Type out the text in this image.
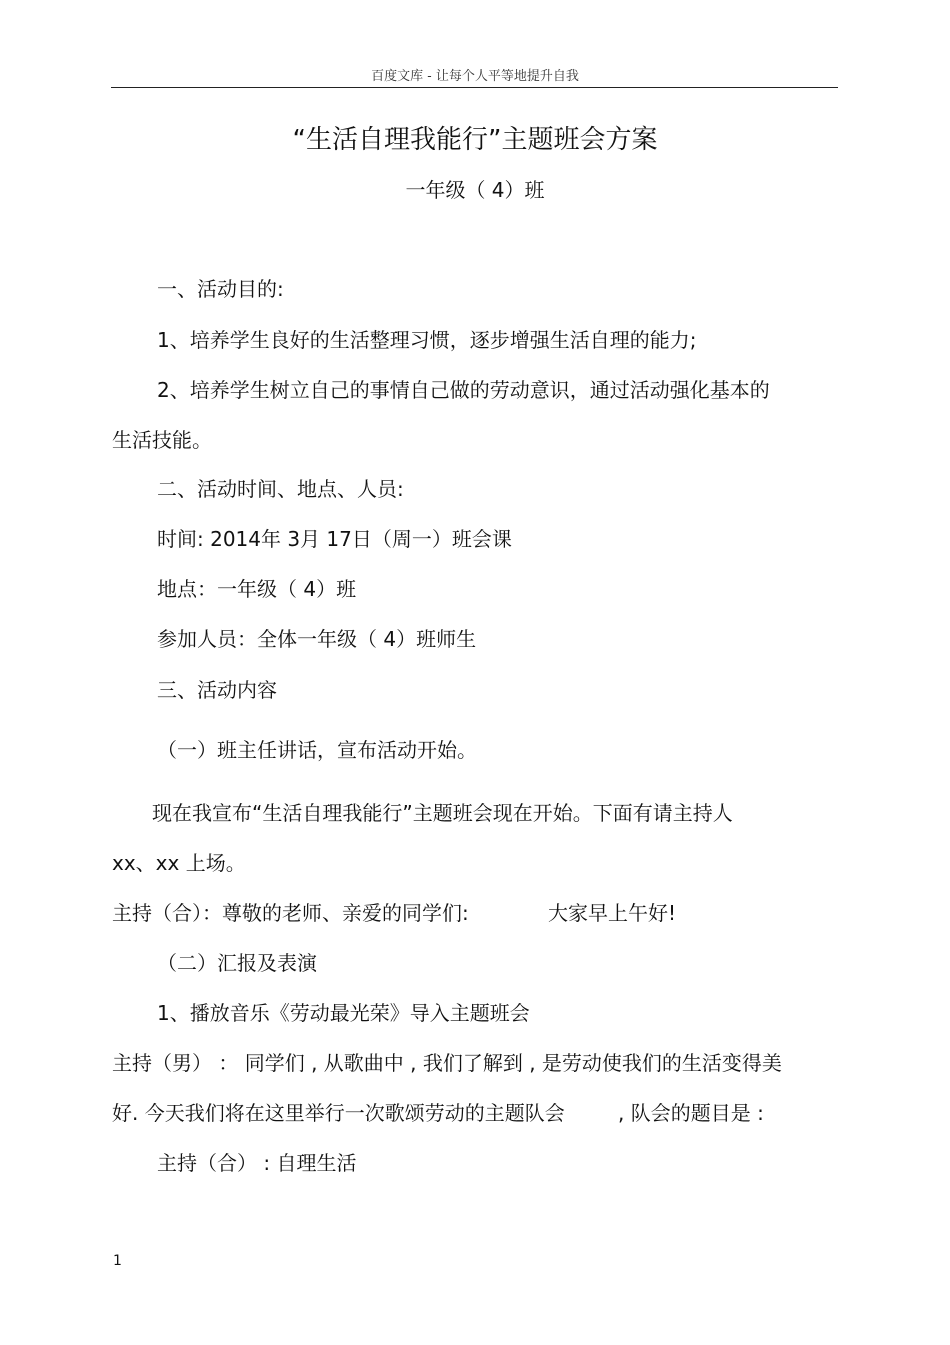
百度文库 - 让每个人平等地提升自我
“生活自理我能行”主题班会方案
一年级（ 4）班
一、活动目的:
1、培养学生良好的生活整理习惯，逐步增强生活自理的能力;
2、培养学生树立自己的事情自己做的劳动意识，通过活动强化基本的
生活技能。
二、活动时间、地点、人员:
时间: 2014年 3月 17日（周一）班会课
地点：一年级（ 4）班
参加人员：全体一年级（ 4）班师生
三、活动内容
（一）班主任讲话，宣布活动开始。
现在我宣布“生活自理我能行”主题班会现在开始。下面有请主持人
xx、xx 上场。
主持（合）：尊敬的老师、亲爱的同学们:	大家早上午好!
（二）汇报及表演
1、播放音乐《劳动最光荣》导入主题班会
主持（男） ： 同学们 , 从歌曲中 , 我们了解到 , 是劳动使我们的生活变得美
好. 今天我们将在这里举行一次歌颂劳动的主题队会	, 队会的题目是 :
主持（合） : 自理生活
1
